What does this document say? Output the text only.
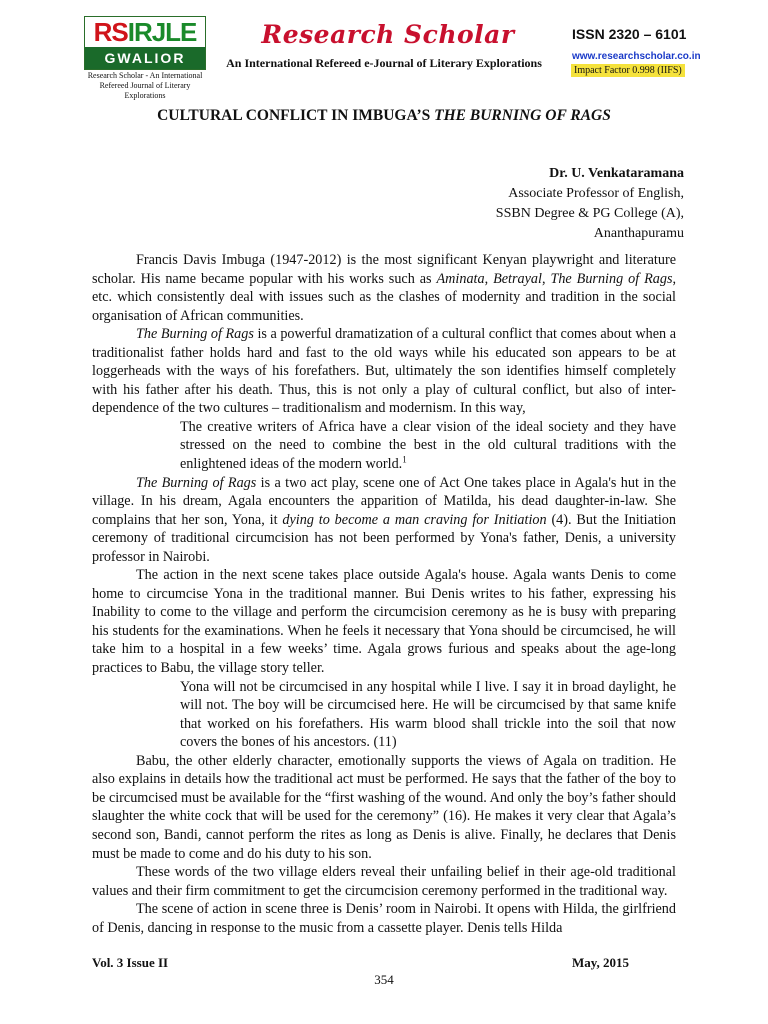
RS IRJLE
GWALIOR
Research Scholar - An International
Refereed Journal of Literary Explorations
Research Scholar
An International Refereed e-Journal of Literary Explorations
ISSN 2320 – 6101
www.researchscholar.co.in
Impact Factor 0.998 (IIFS)
CULTURAL CONFLICT IN IMBUGA’S THE BURNING OF RAGS
Dr. U. Venkataramana
Associate Professor of English,
SSBN Degree & PG College (A),
Ananthapuramu

Francis Davis Imbuga (1947-2012) is the most significant Kenyan playwright and literature scholar. His name became popular with his works such as Aminata, Betrayal, The Burning of Rags, etc. which consistently deal with issues such as the clashes of modernity and tradition in the social organisation of African communities.

The Burning of Rags is a powerful dramatization of a cultural conflict that comes about when a traditionalist father holds hard and fast to the old ways while his educated son appears to be at loggerheads with the ways of his forefathers. But, ultimately the son identifies himself completely with his father after his death. Thus, this is not only a play of cultural conflict, but also of inter-dependence of the two cultures – traditionalism and modernism. In this way,

The creative writers of Africa have a clear vision of the ideal society and they have stressed on the need to combine the best in the old cultural traditions with the enlightened ideas of the modern world.$^1$

The Burning of Rags is a two act play, scene one of Act One takes place in Agala's hut in the village. In his dream, Agala encounters the apparition of Matilda, his dead daughter-in-law. She complains that her son, Yona, it dying to become a man craving for Initiation (4). But the Initiation ceremony of traditional circumcision has not been performed by Yona's father, Denis, a university professor in Nairobi.

The action in the next scene takes place outside Agala's house. Agala wants Denis to come home to circumcise Yona in the traditional manner. Bui Denis writes to his father, expressing his Inability to come to the village and perform the circumcision ceremony as he is busy with preparing his students for the examinations. When he feels it necessary that Yona should be circumcised, he will take him to a hospital in a few weeks’ time. Agala grows furious and speaks about the age-long practices to Babu, the village story teller.

Yona will not be circumcised in any hospital while I live. I say it in broad daylight, he will not. The boy will be circumcised here. He will be circumcised by that same knife that worked on his forefathers. His warm blood shall trickle into the soil that now covers the bones of his ancestors. (11)

Babu, the other elderly character, emotionally supports the views of Agala on tradition. He also explains in details how the traditional act must be performed. He says that the father of the boy to be circumcised must be available for the “first washing of the wound. And only the boy’s father should slaughter the white cock that will be used for the ceremony” (16). He makes it very clear that Agala’s second son, Bandi, cannot perform the rites as long as Denis is alive. Finally, he declares that Denis must be made to come and do his duty to his son.

These words of the two village elders reveal their unfailing belief in their age-old traditional values and their firm commitment to get the circumcision ceremony performed in the traditional way.

The scene of action in scene three is Denis’ room in Nairobi. It opens with Hilda, the girlfriend of Denis, dancing in response to the music from a cassette player. Denis tells Hilda

Vol. 3 Issue II	May, 2015
354
